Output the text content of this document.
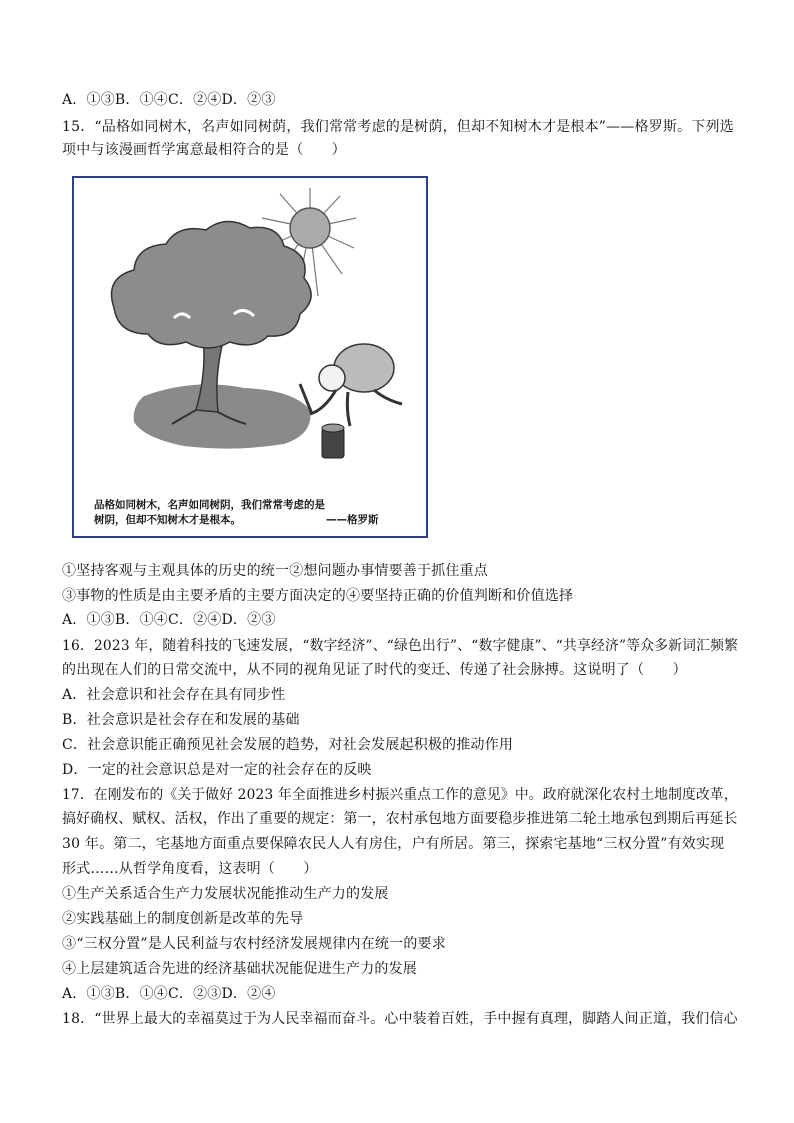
A．①③B．①④C．②④D．②③
15．“品格如同树木，名声如同树荫，我们常常考虑的是树荫，但却不知树木才是根本”——格罗斯。下列选
项中与该漫画哲学寓意最相符合的是（　　）
品格如同树木，名声如同树阴，我们常常考虑的是
树阴，但却不知树木才是根本。	——格罗斯
①坚持客观与主观具体的历史的统一②想问题办事情要善于抓住重点
③事物的性质是由主要矛盾的主要方面决定的④要坚持正确的价值判断和价值选择
A．①③B．①④C．②④D．②③
16．2023 年，随着科技的飞速发展，“数字经济”、“绿色出行”、“数字健康”、“共享经济”等众多新词汇频繁
的出现在人们的日常交流中，从不同的视角见证了时代的变迁、传递了社会脉搏。这说明了（　　）
A．社会意识和社会存在具有同步性
B．社会意识是社会存在和发展的基础
C．社会意识能正确预见社会发展的趋势，对社会发展起积极的推动作用
D．一定的社会意识总是对一定的社会存在的反映
17．在刚发布的《关于做好 2023 年全面推进乡村振兴重点工作的意见》中。政府就深化农村土地制度改革，
搞好确权、赋权、活权，作出了重要的规定：第一，农村承包地方面要稳步推进第二轮土地承包到期后再延长
30 年。第二，宅基地方面重点要保障农民人人有房住，户有所居。第三，探索宅基地“三权分置”有效实现
形式……从哲学角度看，这表明（　　）
①生产关系适合生产力发展状况能推动生产力的发展
②实践基础上的制度创新是改革的先导
③“三权分置”是人民利益与农村经济发展规律内在统一的要求
④上层建筑适合先进的经济基础状况能促进生产力的发展
A．①③B．①④C．②③D．②④
18．“世界上最大的幸福莫过于为人民幸福而奋斗。心中装着百姓，手中握有真理，脚踏人间正道，我们信心
